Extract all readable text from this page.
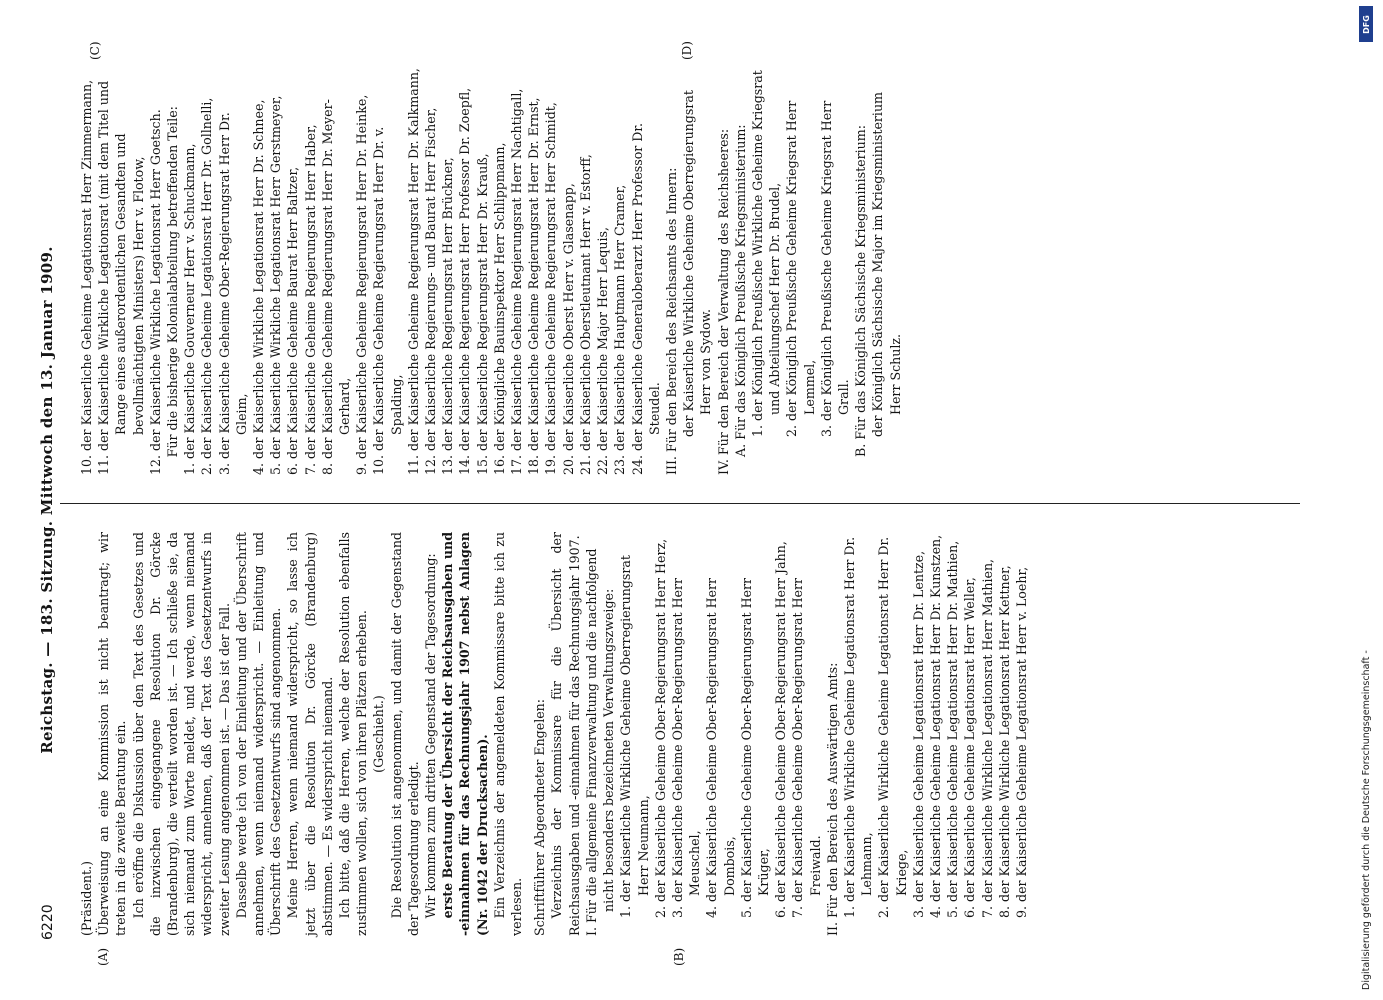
6220
Reichstag. — 183. Sitzung. Mittwoch den 13. Januar 1909.
(A)	(B)
(C)	(D)

(Präsident.) Überweisung an eine Kommission ist nicht beantragt; wir treten in die zweite Beratung ein. Ich eröffne die Diskussion über den Text des Gesetzes und die inzwischen eingegangene Resolution Dr. Görcke (Brandenburg), die verteilt worden ist. — Ich schließe sie, da sich niemand zum Worte meldet, und werde, wenn niemand widerspricht, annehmen, daß der Text des Gesetzentwurfs in zweiter Lesung angenommen ist. — Das ist der Fall. Dasselbe werde ich von der Einleitung und der Überschrift annehmen, wenn niemand widerspricht. — Einleitung und Überschrift des Gesetzentwurfs sind angenommen. Meine Herren, wenn niemand widerspricht, so lasse ich jetzt über die Resolution Dr. Görcke (Brandenburg) abstimmen. — Es widerspricht niemand. Ich bitte, daß die Herren, welche der Resolution ebenfalls zustimmen wollen, sich von ihren Plätzen erheben. (Geschieht.) Die Resolution ist angenommen, und damit der Gegenstand der Tagesordnung erledigt. Wir kommen zum dritten Gegenstand der Tagesordnung: erste Beratung der Übersicht der Reichsausgaben und -einnahmen für das Rechnungsjahr 1907 nebst Anlagen (Nr. 1042 der Drucksachen). Ein Verzeichnis der angemeldeten Kommissare bitte ich zu verlesen. Schriftführer Abgeordneter Engelen: Verzeichnis der Kommissare für die Übersicht der Reichsausgaben und -einnahmen für das Rechnungsjahr 1907. I. Für die allgemeine Finanzverwaltung und die nachfolgend nicht besonders bezeichneten Verwaltungszweige: 1. der Kaiserliche Wirkliche Geheime Oberregierungsrat Herr Neumann, 2. der Kaiserliche Geheime Ober-Regierungsrat Herr Herz, 3. der Kaiserliche Geheime Ober-Regierungsrat Herr Meuschel, 4. der Kaiserliche Geheime Ober-Regierungsrat Herr Dombois, 5. der Kaiserliche Geheime Ober-Regierungsrat Herr Krüger, 6. der Kaiserliche Geheime Ober-Regierungsrat Herr Jahn, 7. der Kaiserliche Geheime Ober-Regierungsrat Herr Freiwald. II. Für den Bereich des Auswärtigen Amts: 1. der Kaiserliche Wirkliche Geheime Legationsrat Herr Dr. Lehmann, 2. der Kaiserliche Wirkliche Geheime Legationsrat Herr Dr. Kriege, 3. der Kaiserliche Geheime Legationsrat Herr Dr. Lentze, 4. der Kaiserliche Geheime Legationsrat Herr Dr. Kunstzen, 5. der Kaiserliche Geheime Legationsrat Herr Dr. Mathien, 6. der Kaiserliche Geheime Legationsrat Herr Weller, 7. der Kaiserliche Wirkliche Legationsrat Herr Mathien, 8. der Kaiserliche Wirkliche Legationsrat Herr Kettner, 9. der Kaiserliche Geheime Legationsrat Herr v. Loehr,

10. der Kaiserliche Geheime Legationsrat Herr Zimmermann, 11. der Kaiserliche Wirkliche Legationsrat (mit dem Titel und Range eines außerordentlichen Gesandten und bevollmächtigten Ministers) Herr v. Flotow, 12. der Kaiserliche Wirkliche Legationsrat Herr Goetsch. Für die bisherige Kolonialabteilung betreffenden Teile: 1. der Kaiserliche Gouverneur Herr v. Schuckmann, 2. der Kaiserliche Geheime Legationsrat Herr Dr. Gollnelli, 3. der Kaiserliche Geheime Ober-Regierungsrat Herr Dr. Gleim, 4. der Kaiserliche Wirkliche Legationsrat Herr Dr. Schnee, 5. der Kaiserliche Wirkliche Legationsrat Herr Gerstmeyer, 6. der Kaiserliche Geheime Baurat Herr Baltzer, 7. der Kaiserliche Geheime Regierungsrat Herr Haber, 8. der Kaiserliche Geheime Regierungsrat Herr Dr. Meyer-Gerhard, 9. der Kaiserliche Geheime Regierungsrat Herr Dr. Heinke, 10. der Kaiserliche Geheime Regierungsrat Herr Dr. v. Spalding, 11. der Kaiserliche Geheime Regierungsrat Herr Dr. Kalkmann, 12. der Kaiserliche Regierungs- und Baurat Herr Fischer, 13. der Kaiserliche Regierungsrat Herr Brückner, 14. der Kaiserliche Regierungsrat Herr Professor Dr. Zoepfl, 15. der Kaiserliche Regierungsrat Herr Dr. Krauß, 16. der Königliche Bauinspektor Herr Schlippmann, 17. der Kaiserliche Geheime Regierungsrat Herr Nachtigall, 18. der Kaiserliche Geheime Regierungsrat Herr Dr. Ernst, 19. der Kaiserliche Geheime Regierungsrat Herr Schmidt, 20. der Kaiserliche Oberst Herr v. Glasenapp, 21. der Kaiserliche Oberstleutnant Herr v. Estorff, 22. der Kaiserliche Major Herr Lequis, 23. der Kaiserliche Hauptmann Herr Cramer, 24. der Kaiserliche Generaloberarzt Herr Professor Dr. Steudel. III. Für den Bereich des Reichsamts des Innern: der Kaiserliche Wirkliche Geheime Oberregierungsrat Herr von Sydow. IV. Für den Bereich der Verwaltung des Reichsheeres: A. Für das Königlich Preußische Kriegsministerium: 1. der Königlich Preußische Wirkliche Geheime Kriegsrat und Abteilungschef Herr Dr. Brudel, 2. der Königlich Preußische Geheime Kriegsrat Herr Lemmel, 3. der Königlich Preußische Geheime Kriegsrat Herr Grall. B. Für das Königlich Sächsische Kriegsministerium: der Königlich Sächsische Major im Kriegsministerium Herr Schulz.

DFG
Digitalisierung gefördert durch die Deutsche Forschungsgemeinschaft -
